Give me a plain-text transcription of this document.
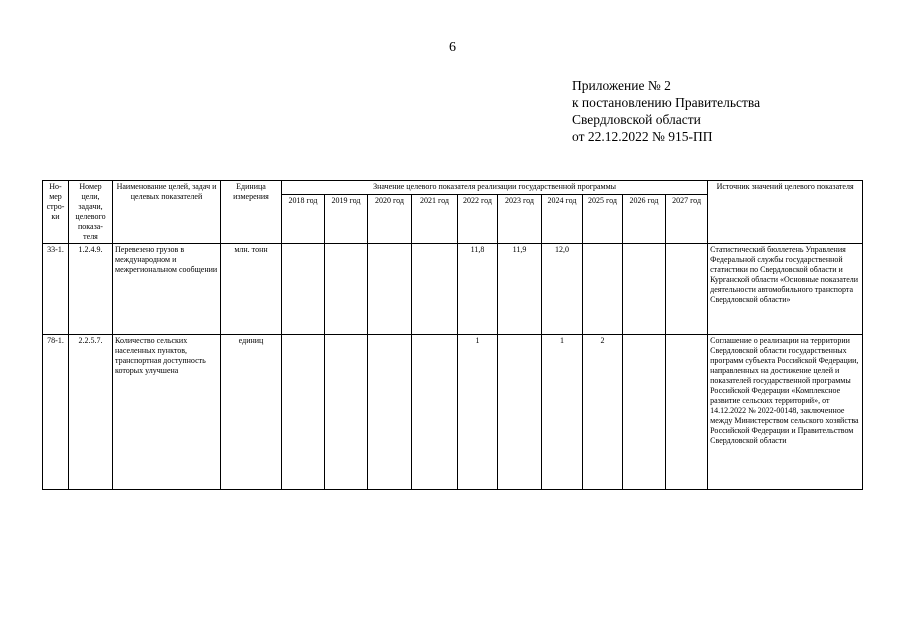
6
Приложение № 2
к постановлению Правительства
Свердловской области
от 22.12.2022 № 915-ПП
Но-мер стро-ки	Номер цели, задачи, целевого показа-теля	Наименование целей, задач и целевых показателей	Единица измерения	Значение целевого показателя реализации государственной программы										Источник значений целевого показателя
				2018 год	2019 год	2020 год	2021 год	2022 год	2023 год	2024 год	2025 год	2026 год	2027 год	
33-1.	1.2.4.9.	Перевезено грузов в международном и межрегиональном сообщении	млн. тонн					11,8	11,9	12,0				Статистический бюллетень Управления Федеральной службы государственной статистики по Свердловской области и Курганской области «Основные показатели деятельности автомобильного транспорта Свердловской области»
78-1.	2.2.5.7.	Количество сельских населенных пунктов, транспортная доступность которых улучшена	единиц					1		1	2			Соглашение о реализации на территории Свердловской области государственных программ субъекта Российской Федерации, направленных на достижение целей и показателей государственной программы Российской Федерации «Комплексное развитие сельских территорий», от 14.12.2022 № 2022-00148, заключенное между Министерством сельского хозяйства Российской Федерации и Правительством Свердловской области
